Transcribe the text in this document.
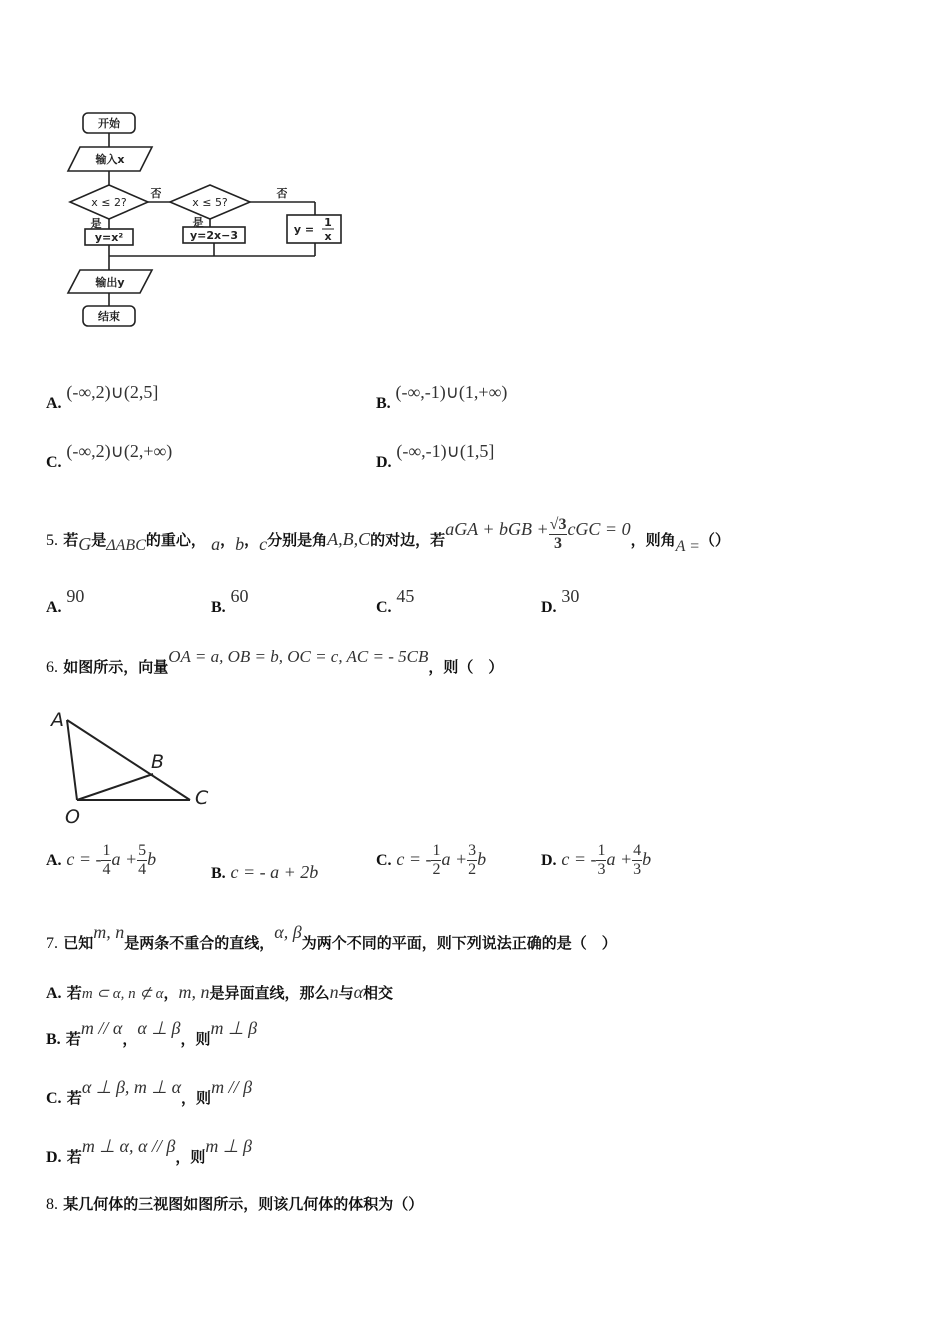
开始
输入x
x ≤ 2?	x ≤ 5?
否	否
是	是
y=x²	y=2x−3	y =
1
x
输出y
结束
A. (-∞,2)∪(2,5]
B. (-∞,-1)∪(1,+∞)
C. (-∞,2)∪(2,+∞)
D. (-∞,-1)∪(1,5]
5. 若G是ΔABC的重心， a，b，c分别是角A,B,C的对边，若aGA + bGB + $\frac{√3}{3}$ cGC = 0，则角A =（）
A. 90
B. 60
C. 45
D. 30
6. 如图所示，向量OA = a, OB = b, OC = c, AC = - 5CB，则（　）
A
B
C
O
A. c = - $\frac{1}{4}$ $a + \frac{5}{4}$ b
B. c = - a + 2b
C. c = - $\frac{1}{2}$ $a + \frac{3}{2}$ b	D. c = - $\frac{1}{3}$ $a + \frac{4}{3}$ b
7. 已知m, n是两条不重合的直线，α, β为两个不同的平面，则下列说法正确的是（　）
A. 若m ⊂ α, n ⊄ α，m, n是异面直线，那么n与α相交
B. 若m // α，α ⊥ β，则m ⊥ β
C. 若α ⊥ β, m ⊥ α，则m // β
D. 若m ⊥ α, α // β，则m ⊥ β
8. 某几何体的三视图如图所示，则该几何体的体积为（）
